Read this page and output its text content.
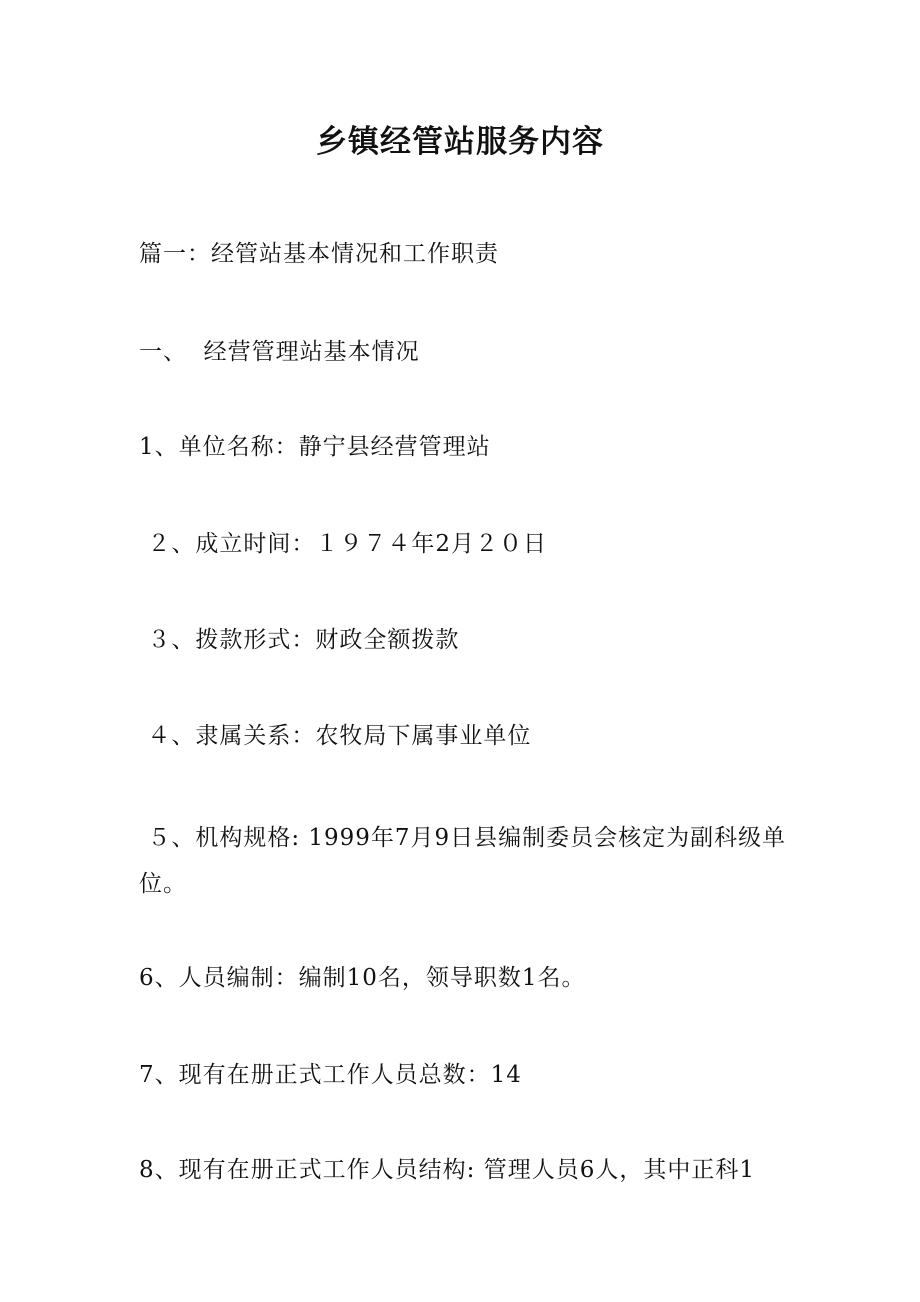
乡镇经管站服务内容

篇一：经管站基本情况和工作职责

一、  经营管理站基本情况

1、单位名称：静宁县经营管理站

２、成立时间：１９７４年2月２０日

３、拨款形式：财政全额拨款

４、隶属关系：农牧局下属事业单位

５、机构规格: 1999年7月9日县编制委员会核定为副科级单位。

6、人员编制：编制10名，领导职数1名。

7、现有在册正式工作人员总数：14

8、现有在册正式工作人员结构: 管理人员6人，其中正科1
